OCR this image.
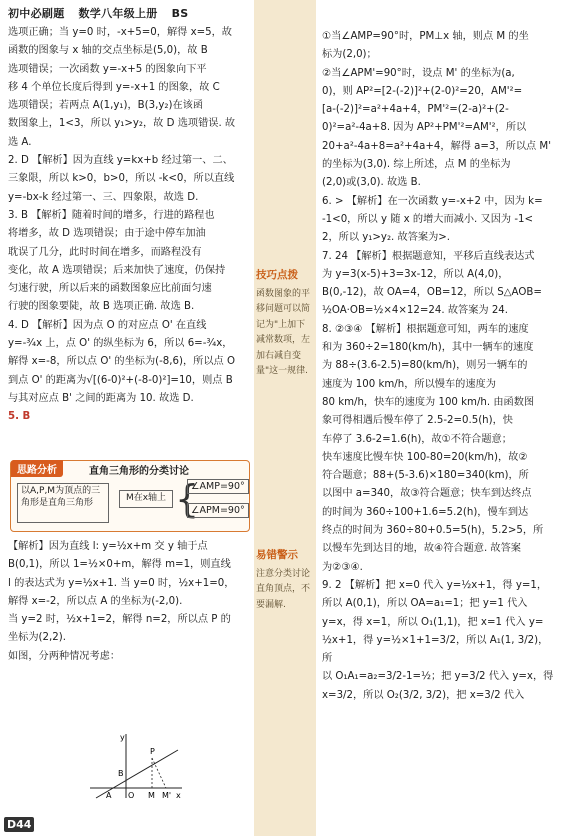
初中必刷题 数学八年级上册 BS

选项正确；当 y=0 时，-x+5=0，解得 x=5，故
函数的图象与 x 轴的交点坐标是(5,0)，故 B
选项错误；一次函数 y=-x+5 的图象向下平
移 4 个单位长度后得到 y=-x+1 的图象，故 C
选项错误；若两点 A(1,y₁)，B(3,y₂)在该函
数图象上，1<3，所以 y₁>y₂，故 D 选项错误. 故
选 A.

2. D 【解析】因为直线 y=kx+b 经过第一、二、
三象限，所以 k>0，b>0，所以 -k<0，所以直线
y=-bx-k 经过第一、三、四象限，故选 D.

3. B 【解析】随着时间的增多，行进的路程也
将增多，故 D 选项错误；由于途中停车加油
耽误了几分，此时时间在增多，而路程没有
变化，故 A 选项错误；后来加快了速度，仍保持
匀速行驶，所以后来的函数图象应比前面匀速
行驶的图象要陡，故 B 选项正确. 故选 B.

4. D 【解析】因为点 O 的对应点 O' 在直线
y=-¾x 上，点 O' 的纵坐标为 6，所以 6=-¾x，
解得 x=-8，所以点 O' 的坐标为(-8,6)，所以点 O
到点 O' 的距离为√[(6-0)²+(-8-0)²]=10，则点 B
与其对应点 B' 之间的距离为 10. 故选 D.

5. B

思路分析	直角三角形的分类讨论
以A,P,M为顶点的三角形是直角三角形	M在x轴上 {
∠AMP=90°
∠APM=90°

【解析】因为直线 l: y=½x+m 交 y 轴于点
B(0,1)，所以 1=½×0+m，解得 m=1，则直线
l 的表达式为 y=½x+1. 当 y=0 时，½x+1=0，
解得 x=-2，所以点 A 的坐标为(-2,0).
当 y=2 时，½x+1=2，解得 n=2，所以点 P 的
坐标为(2,2).
如图，分两种情况考虑：

y
x
P
B
A O M M'
技巧点拨
函数图象的平移问题可以简记为"上加下减常数项，左加右减自变量"这一规律.
易错警示
注意分类讨论直角顶点，不要漏解.

①当∠AMP=90°时，PM⊥x 轴，则点 M 的坐
标为(2,0)；
②当∠APM'=90°时，设点 M' 的坐标为(a,
0)，则 AP²=[2-(-2)]²+(2-0)²=20，AM'²=
[a-(-2)]²=a²+4a+4，PM'²=(2-a)²+(2-
0)²=a²-4a+8. 因为 AP²+PM'²=AM'²，所以
20+a²-4a+8=a²+4a+4，解得 a=3，所以点 M'
的坐标为(3,0). 综上所述，点 M 的坐标为
(2,0)或(3,0). 故选 B.

6. > 【解析】在一次函数 y=-x+2 中，因为 k=
-1<0，所以 y 随 x 的增大而减小. 又因为 -1<
2，所以 y₁>y₂. 故答案为>.

7. 24 【解析】根据题意知，平移后直线表达式
为 y=3(x-5)+3=3x-12，所以 A(4,0)，
B(0,-12)，故 OA=4，OB=12，所以 S△AOB=
½OA·OB=½×4×12=24. 故答案为 24.

8. ②③④ 【解析】根据题意可知，两车的速度
和为 360÷2=180(km/h)，其中一辆车的速度
为 88÷(3.6-2.5)=80(km/h)，则另一辆车的
速度为 100 km/h，所以慢车的速度为
80 km/h，快车的速度为 100 km/h. 由函数图
象可得相遇后慢车停了 2.5-2=0.5(h)，快
车停了 3.6-2=1.6(h)，故①不符合题意；
快车速度比慢车快 100-80=20(km/h)，故②
符合题意；88+(5-3.6)×180=340(km)，所
以图中 a=340，故③符合题意；快车到达终点
的时间为 360÷100+1.6=5.2(h)，慢车到达
终点的时间为 360÷80+0.5=5(h)，5.2>5，所
以慢车先到达目的地，故④符合题意. 故答案
为②③④.

9. 2 【解析】把 x=0 代入 y=½x+1，得 y=1，
所以 A(0,1)，所以 OA=a₁=1；把 y=1 代入
y=x，得 x=1，所以 O₁(1,1)，把 x=1 代入 y=
½x+1，得 y=½×1+1=3/2，所以 A₁(1, 3/2)，所
以 O₁A₁=a₂=3/2-1=½；把 y=3/2 代入 y=x，得
x=3/2，所以 O₂(3/2, 3/2)，把 x=3/2 代入

D44
